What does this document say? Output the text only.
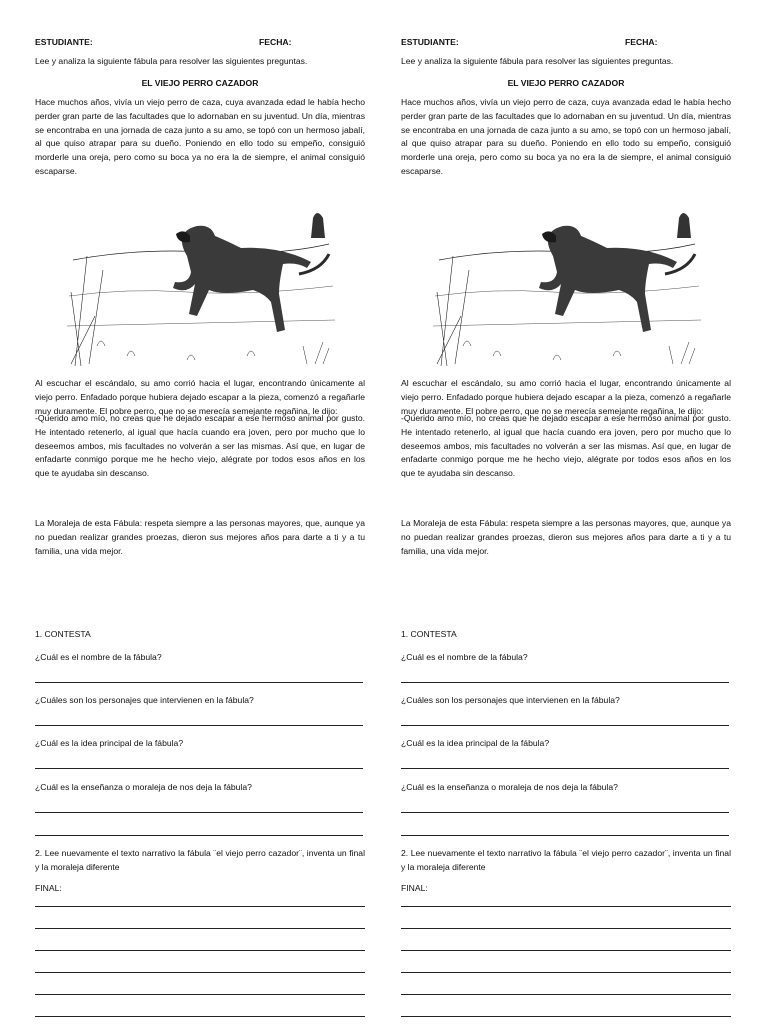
ESTUDIANTE:	FECHA:
Lee y analiza la siguiente fábula para resolver las siguientes preguntas.
EL VIEJO PERRO CAZADOR

Hace muchos años, vivía un viejo perro de caza, cuya avanzada edad le había hecho perder gran parte de las facultades que lo adornaban en su juventud. Un día, mientras se encontraba en una jornada de caza junto a su amo, se topó con un hermoso jabalí, al que quiso atrapar para su dueño. Poniendo en ello todo su empeño, consiguió morderle una oreja, pero como su boca ya no era la de siempre, el animal consiguió escaparse.

Al escuchar el escándalo, su amo corrió hacia el lugar, encontrando únicamente al viejo perro. Enfadado porque hubiera dejado escapar a la pieza, comenzó a regañarle muy duramente. El pobre perro, que no se merecía semejante regañina, le dijo:

-Querido amo mío, no creas que he dejado escapar a ese hermoso animal por gusto. He intentado retenerlo, al igual que hacía cuando era joven, pero por mucho que lo deseemos ambos, mis facultades no volverán a ser las mismas. Así que, en lugar de enfadarte conmigo porque me he hecho viejo, alégrate por todos esos años en los que te ayudaba sin descanso.

La Moraleja de esta Fábula: respeta siempre a las personas mayores, que, aunque ya no puedan realizar grandes proezas, dieron sus mejores años para darte a ti y a tu familia, una vida mejor.

1. CONTESTA
¿Cuál es el nombre de la fábula?
¿Cuáles son los personajes que intervienen en la fábula?
¿Cuál es la idea principal de la fábula?
¿Cuál es la enseñanza o moraleja de nos deja la fábula?
2. Lee nuevamente el texto narrativo la fábula ¨el viejo perro cazador¨, inventa un final y la moraleja diferente
FINAL:
ESTUDIANTE:	FECHA:
Lee y analiza la siguiente fábula para resolver las siguientes preguntas.
EL VIEJO PERRO CAZADOR

Hace muchos años, vivía un viejo perro de caza, cuya avanzada edad le había hecho perder gran parte de las facultades que lo adornaban en su juventud. Un día, mientras se encontraba en una jornada de caza junto a su amo, se topó con un hermoso jabalí, al que quiso atrapar para su dueño. Poniendo en ello todo su empeño, consiguió morderle una oreja, pero como su boca ya no era la de siempre, el animal consiguió escaparse.

Al escuchar el escándalo, su amo corrió hacia el lugar, encontrando únicamente al viejo perro. Enfadado porque hubiera dejado escapar a la pieza, comenzó a regañarle muy duramente. El pobre perro, que no se merecía semejante regañina, le dijo:

-Querido amo mío, no creas que he dejado escapar a ese hermoso animal por gusto. He intentado retenerlo, al igual que hacía cuando era joven, pero por mucho que lo deseemos ambos, mis facultades no volverán a ser las mismas. Así que, en lugar de enfadarte conmigo porque me he hecho viejo, alégrate por todos esos años en los que te ayudaba sin descanso.

La Moraleja de esta Fábula: respeta siempre a las personas mayores, que, aunque ya no puedan realizar grandes proezas, dieron sus mejores años para darte a ti y a tu familia, una vida mejor.

1. CONTESTA
¿Cuál es el nombre de la fábula?
¿Cuáles son los personajes que intervienen en la fábula?
¿Cuál es la idea principal de la fábula?
¿Cuál es la enseñanza o moraleja de nos deja la fábula?
2. Lee nuevamente el texto narrativo la fábula ¨el viejo perro cazador¨, inventa un final y la moraleja diferente
FINAL:
